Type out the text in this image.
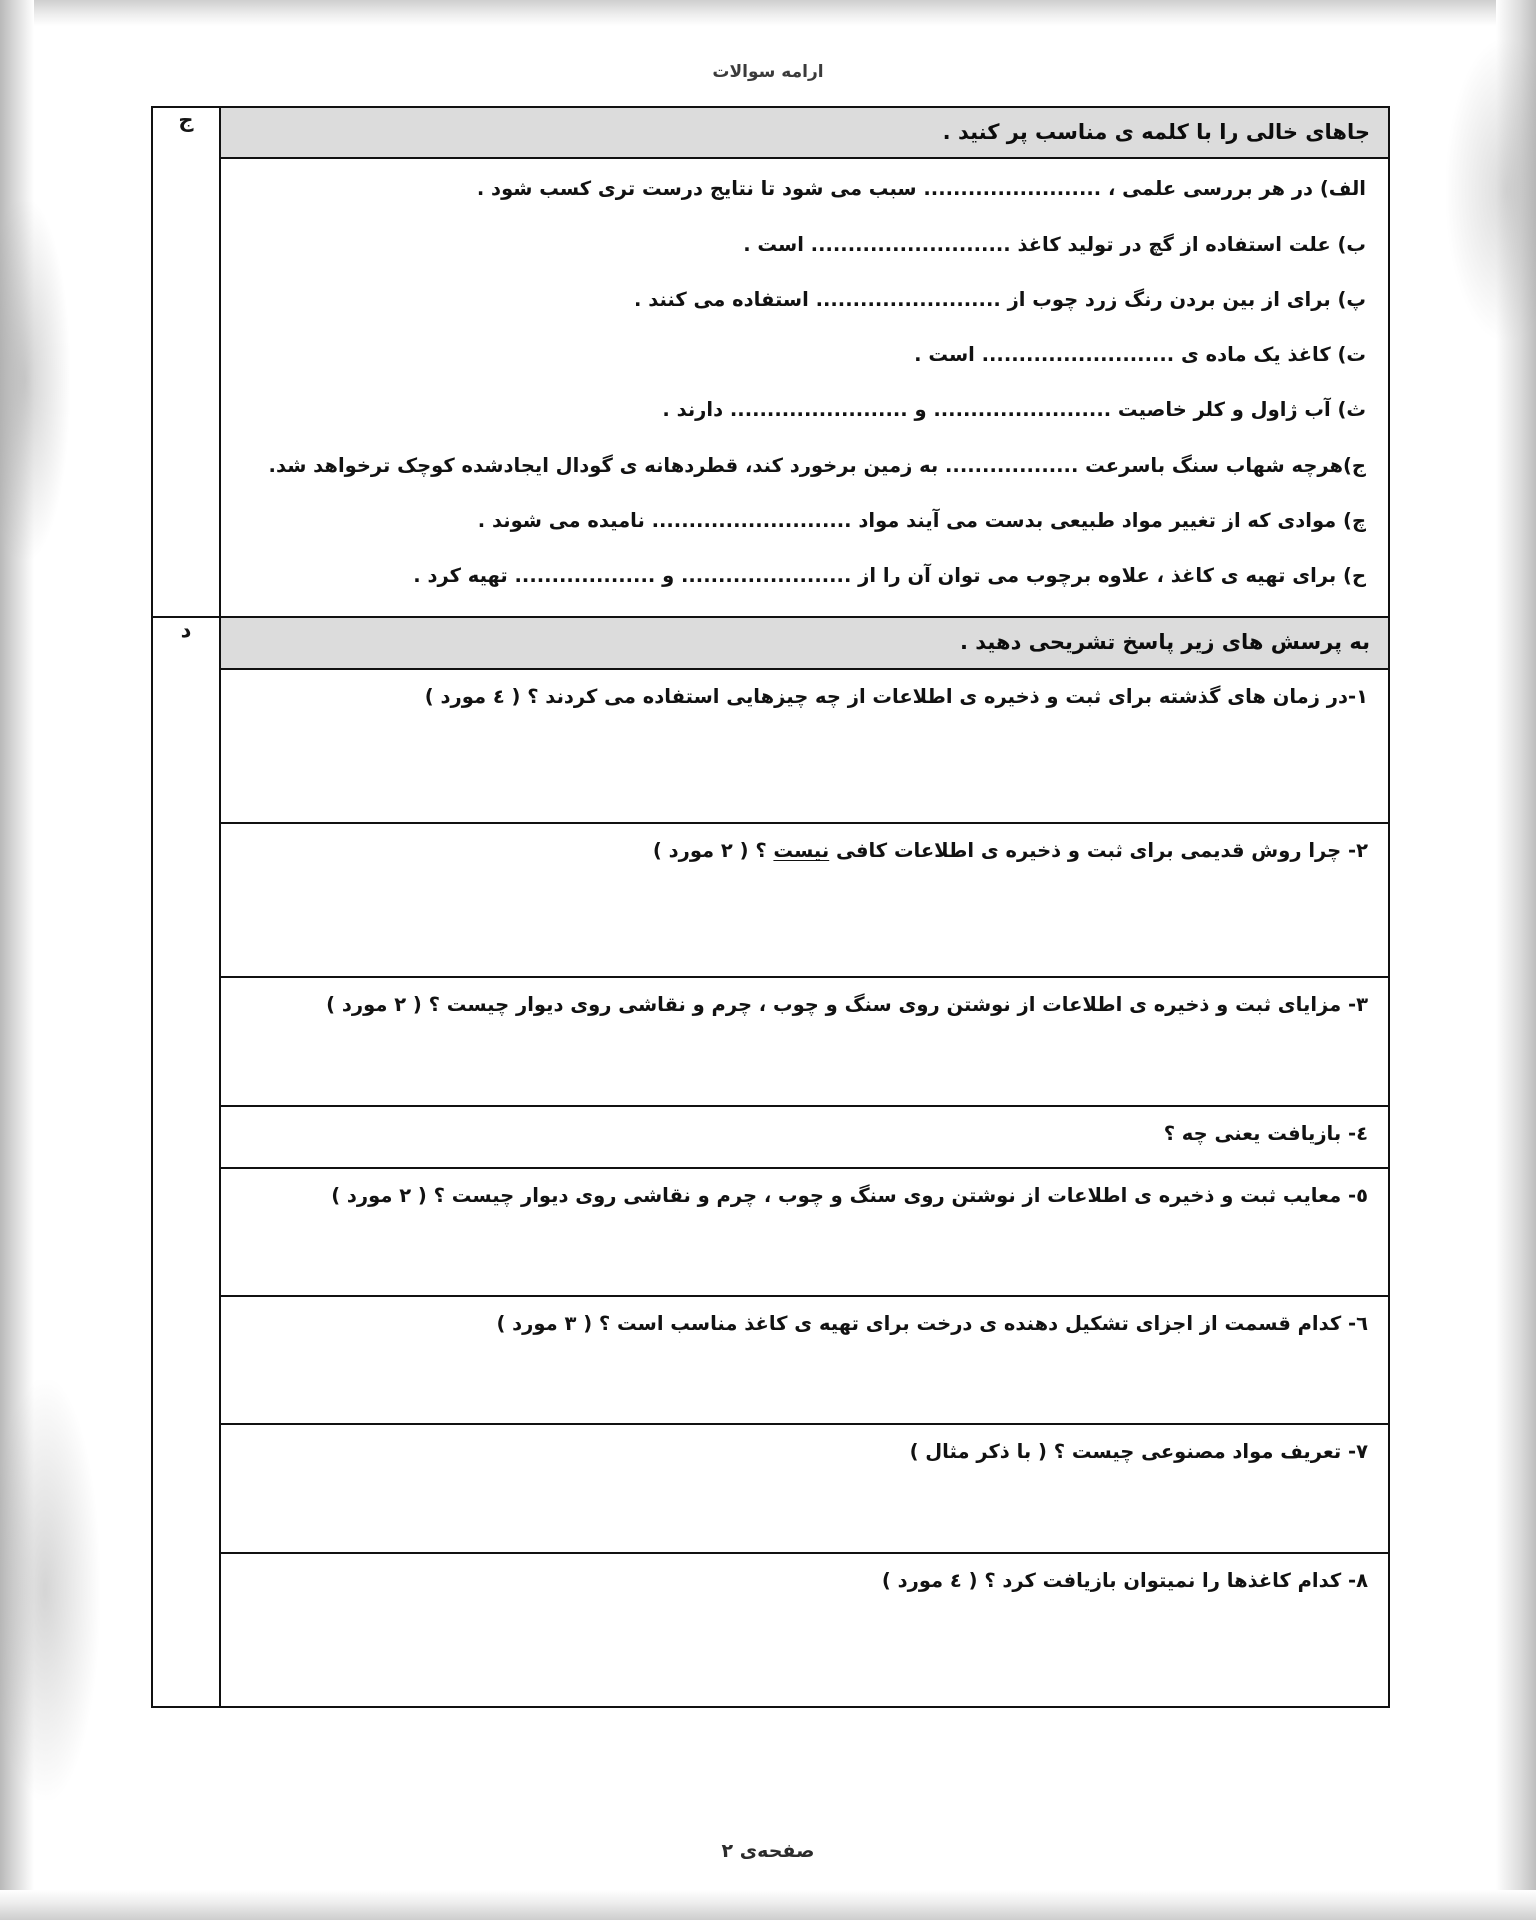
ارامه سوالات
جاهای خالی را با کلمه ی مناسب پر کنید .	ج

الف) در هر بررسی علمی ، ........................ سبب می شود تا نتایج درست تری کسب شود .
ب) علت استفاده از گچ در تولید کاغذ ........................... است .
پ) برای از بین بردن رنگ زرد چوب از ......................... استفاده می کنند .
ت) کاغذ یک ماده ی .......................... است .
ث) آب ژاول و کلر خاصیت ........................ و ........................ دارند .
ج)هرچه شهاب سنگ باسرعت .................. به زمین برخورد کند، قطردهانه ی گودال ایجادشده کوچک ترخواهد شد.
چ) موادی که از تغییر مواد طبیعی بدست می آیند مواد ........................... نامیده می شوند .
ح) برای تهیه ی کاغذ ، علاوه برچوب می توان آن را از ....................... و ................... تهیه کرد .

به پرسش های زیر پاسخ تشریحی دهید .	د

۱-در زمان های گذشته برای ثبت و ذخیره ی اطلاعات از چه چیزهایی استفاده می کردند ؟ ( ٤ مورد )	

۲- چرا روش قدیمی برای ثبت و ذخیره ی اطلاعات کافی نیست ؟ ( ۲ مورد )	

۳- مزایای ثبت و ذخیره ی اطلاعات از نوشتن روی سنگ و چوب ، چرم و نقاشی روی دیوار چیست ؟ ( ۲ مورد )	

٤- بازیافت یعنی چه ؟	

٥- معایب ثبت و ذخیره ی اطلاعات از نوشتن روی سنگ و چوب ، چرم و نقاشی روی دیوار چیست ؟ ( ۲ مورد )	

٦- کدام قسمت از اجزای تشکیل دهنده ی درخت برای تهیه ی کاغذ مناسب است ؟ ( ۳ مورد )	

۷- تعریف مواد مصنوعی چیست ؟ ( با ذکر مثال )	

۸- کدام کاغذها را نمیتوان بازیافت کرد ؟ ( ٤ مورد )	
صفحه‌ی ۲
